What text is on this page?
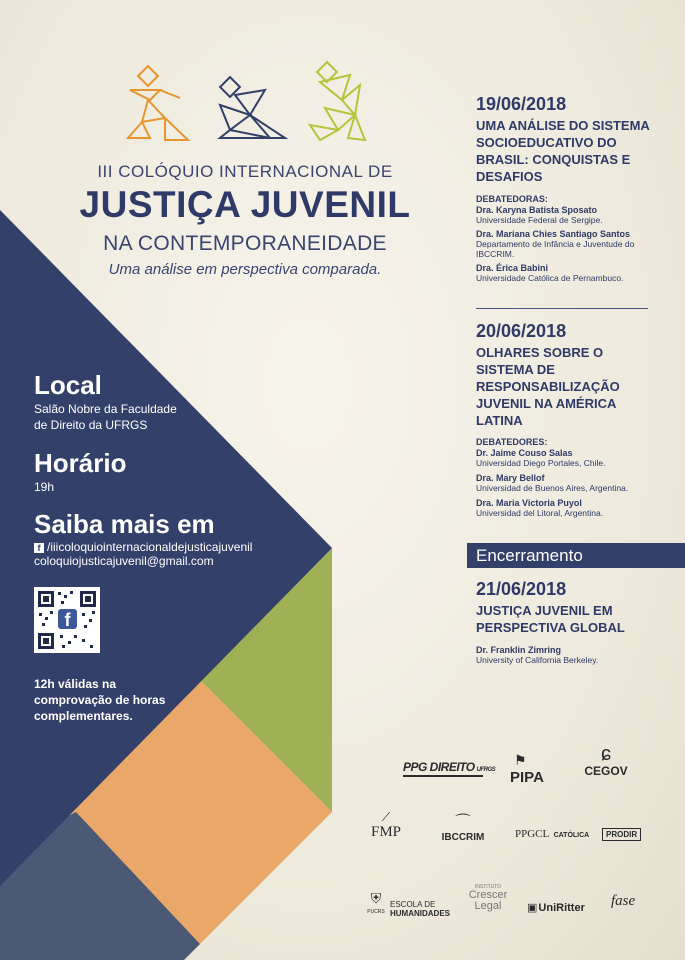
III COLÓQUIO INTERNACIONAL DE
JUSTIÇA JUVENIL
NA CONTEMPORANEIDADE
Uma análise em perspectiva comparada.
Local
Salão Nobre da Faculdade
de Direito da UFRGS
Horário
19h
Saiba mais em
f /iiicoloquiointernacionaldejusticajuvenil
coloquiojusticajuvenil@gmail.com
f
12h válidas na
comprovação de horas
complementares.
19/06/2018
UMA ANÁLISE DO SISTEMA
SOCIOEDUCATIVO DO
BRASIL: CONQUISTAS E
DESAFIOS
DEBATEDORAS:
Dra. Karyna Batista Sposato
Universidade Federal de Sergipe.
Dra. Mariana Chies Santiago Santos
Departamento de Infância e Juventude do
IBCCRIM.
Dra. Érica Babini
Universidade Católica de Pernambuco.
20/06/2018
OLHARES SOBRE O
SISTEMA DE
RESPONSABILIZAÇÃO
JUVENIL NA AMÉRICA
LATINA
DEBATEDORES:
Dr. Jaime Couso Salas
Universidad Diego Portales, Chile.
Dra. Mary Bellof
Universidad de Buenos Aires, Argentina.
Dra. Maria Victoria Puyol
Universidad del Litoral, Argentina.
Encerramento
21/06/2018
JUSTIÇA JUVENIL EM
PERSPECTIVA GLOBAL
Dr. Franklin Zimring
University of California Berkeley.
PPG DIREITO UFRGS
⚑
PIPA
ɕ
CEGOV
⟋
FMP
⌒
IBCCRIM	PPGCL CATÓLICA	PRODIR
⛨
PUCRS
ESCOLA DE
HUMANIDADES
INSTITUTO
Crescer
Legal	▣UniRitter fase
